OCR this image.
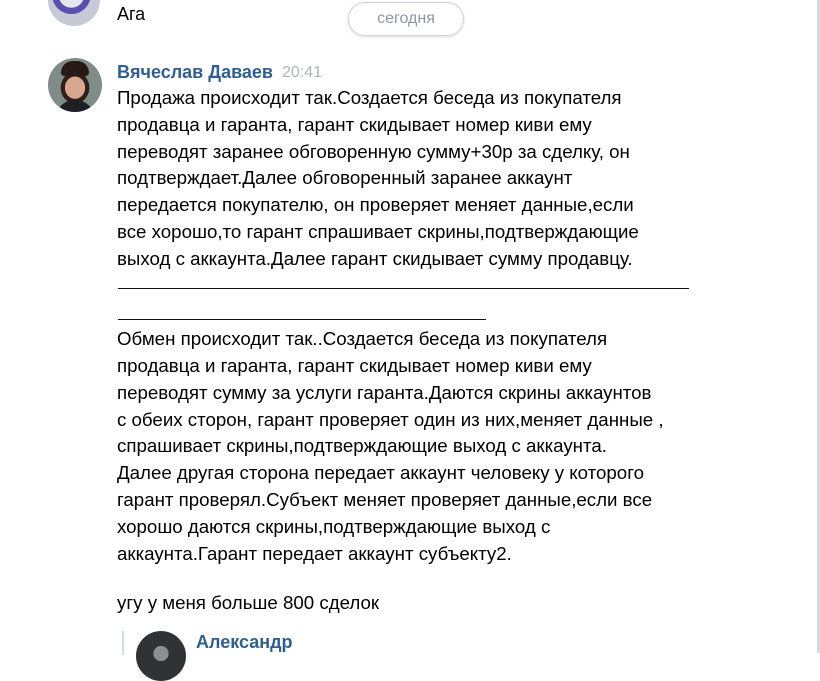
Ага	сегодня
Вячеслав Даваев 20:41
Продажа происходит так.Создается беседа из покупателя
продавца и гаранта, гарант скидывает номер киви ему
переводят заранее обговоренную сумму+30р за сделку, он
подтверждает.Далее обговоренный заранее аккаунт
передается покупателю, он проверяет меняет данные,если
все хорошо,то гарант спрашивает скрины,подтверждающие
выход с аккаунта.Далее гарант скидывает сумму продавцу.
Обмен происходит так..Создается беседа из покупателя
продавца и гаранта, гарант скидывает номер киви ему
переводят сумму за услуги гаранта.Даются скрины аккаунтов
с обеих сторон, гарант проверяет один из них,меняет данные ,
спрашивает скрины,подтверждающие выход с аккаунта.
Далее другая сторона передает аккаунт человеку у которого
гарант проверял.Субъект меняет проверяет данные,если все
хорошо даются скрины,подтверждающие выход с
аккаунта.Гарант передает аккаунт субъекту2.
угу у меня больше 800 сделок
Александр
